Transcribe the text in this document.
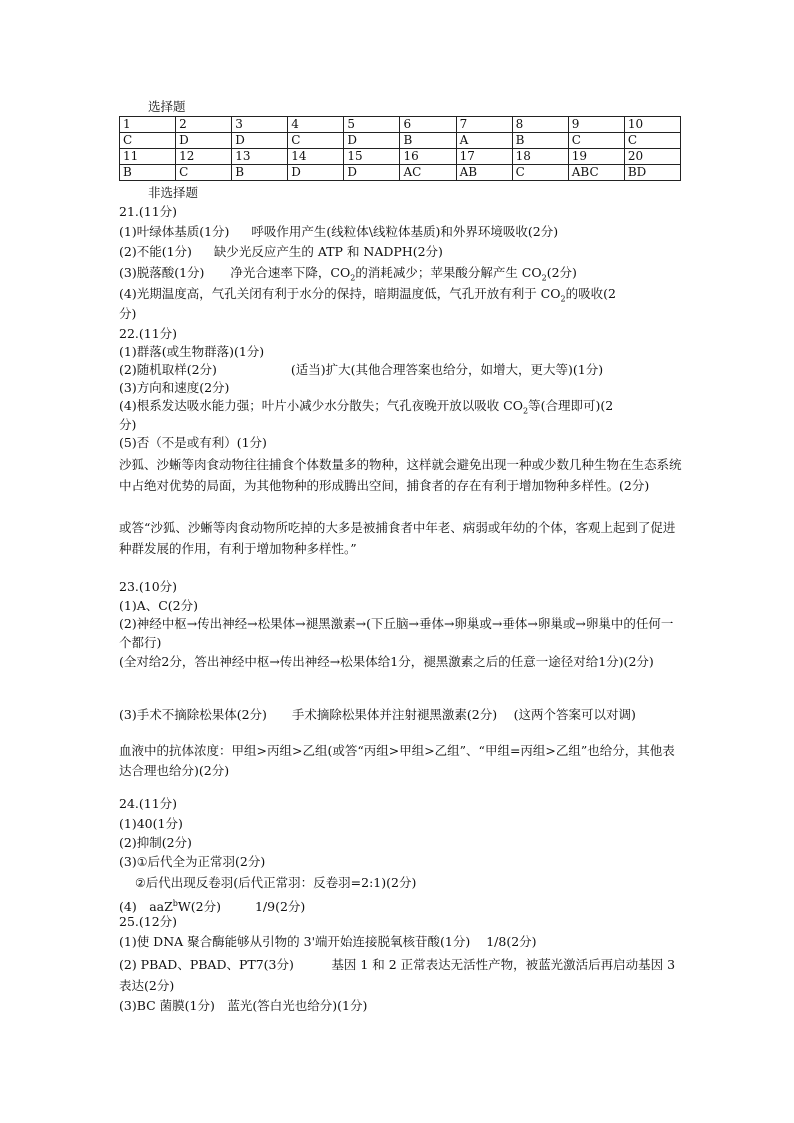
选择题
1	2	3	4	5	6	7	8	9	10
C	D	D	C	D	B	A	B	C	C
11	12	13	14	15	16	17	18	19	20
B	C	B	D	D	AC	AB	C	ABC	BD
非选择题
21.(11分)
(1)叶绿体基质(1分) 呼吸作用产生(线粒体\线粒体基质)和外界环境吸收(2分)
(2)不能(1分) 缺少光反应产生的 ATP 和 NADPH(2分)
(3)脱落酸(1分) 净光合速率下降，$CO_2$的消耗减少；苹果酸分解产生 $CO_2(2$分)
(4)光期温度高，气孔关闭有利于水分的保持，暗期温度低，气孔开放有利于 $CO_2$的吸收(2
分)
22.(11分)
(1)群落(或生物群落)(1分)
(2)随机取样(2分)	(适当)扩大(其他合理答案也给分，如增大，更大等)(1分)
(3)方向和速度(2分)
(4)根系发达吸水能力强；叶片小减少水分散失；气孔夜晚开放以吸收 $CO_2$等(合理即可)(2
分)
(5)否（不是或有利）(1分)
沙狐、沙蜥等肉食动物往往捕食个体数量多的物种，这样就会避免出现一种或少数几种生物在生态系统中占绝对优势的局面，为其他物种的形成腾出空间，捕食者的存在有利于增加物种多样性。(2分)
或答“沙狐、沙蜥等肉食动物所吃掉的大多是被捕食者中年老、病弱或年幼的个体，客观上起到了促进种群发展的作用，有利于增加物种多样性。”
23.(10分)
(1)A、C(2分)
(2)神经中枢→传出神经→松果体→褪黑激素→(下丘脑→垂体→卵巢或→垂体→卵巢或→卵巢中的任何一个都行)
(全对给2分，答出神经中枢→传出神经→松果体给1分，褪黑激素之后的任意一途径对给1分)(2分)
(3)手术不摘除松果体(2分)　　手术摘除松果体并注射褪黑激素(2分)　 (这两个答案可以对调)
血液中的抗体浓度：甲组>丙组>乙组(或答“丙组>甲组>乙组”、“甲组=丙组>乙组”也给分，其他表达合理也给分)(2分)
24.(11分)
(1)40(1分)
(2)抑制(2分)
(3)①后代全为正常羽(2分)
②后代出现反卷羽(后代正常羽：反卷羽=2:1)(2分)
(4)　aaZ$^b$W(2分)	1/9(2分)
25.(12分)
(1)使 DNA 聚合酶能够从引物的 3'端开始连接脱氧核苷酸(1分) 1/8(2分)
(2) PBAD、PBAD、PT7(3分)　　　基因 1 和 2 正常表达无活性产物，被蓝光激活后再启动基因 3 表达(2分)
(3)BC 菌膜(1分)　蓝光(答白光也给分)(1分)
